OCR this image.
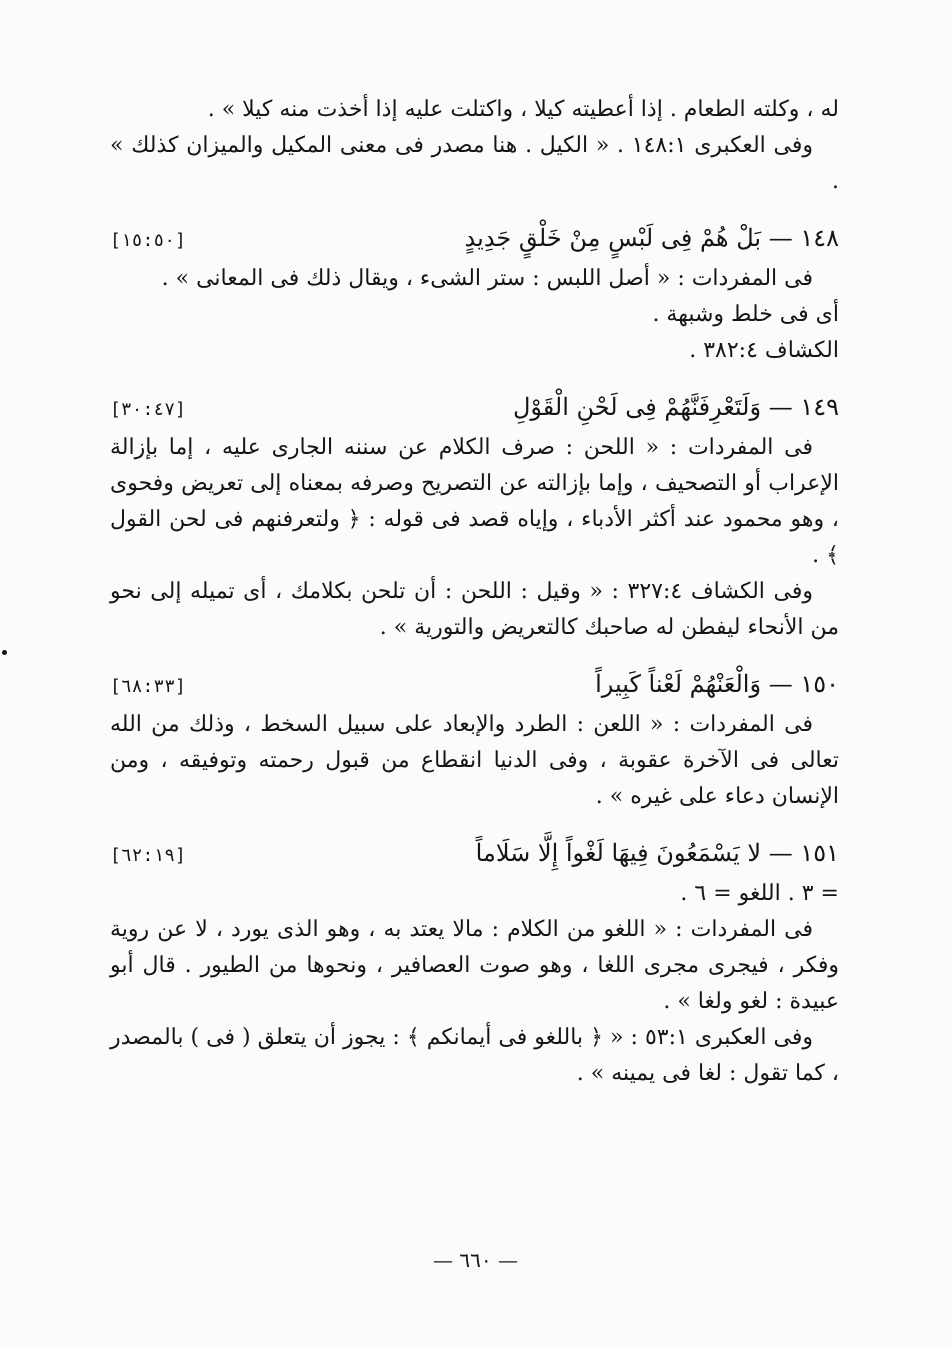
له ، وكلته الطعام . إذا أعطيته كيلا ، واكتلت عليه إذا أخذت منه كيلا » .

وفى العكبرى ١٤٨:١ . « الكيل . هنا مصدر فى معنى المكيل والميزان كذلك » .

١٤٨ — بَلْ هُمْ فِى لَبْسٍ مِنْ خَلْقٍ جَدِيدٍ
[١٥:٥٠]

فى المفردات : « أصل اللبس : ستر الشىء ، ويقال ذلك فى المعانى » .

أى فى خلط وشبهة .

الكشاف ٣٨٢:٤ .

١٤٩ — وَلَتَعْرِفَنَّهُمْ فِى لَحْنِ الْقَوْلِ
[٣٠:٤٧]

فى المفردات : « اللحن : صرف الكلام عن سننه الجارى عليه ، إما بإزالة الإعراب أو التصحيف ، وإما بإزالته عن التصريح وصرفه بمعناه إلى تعريض وفحوى ، وهو محمود عند أكثر الأدباء ، وإياه قصد فى قوله : ﴿ ولتعرفنهم فى لحن القول ﴾ .

وفى الكشاف ٣٢٧:٤ : « وقيل : اللحن : أن تلحن بكلامك ، أى تميله إلى نحو من الأنحاء ليفطن له صاحبك كالتعريض والتورية » .

١٥٠ — وَالْعَنْهُمْ لَعْناً كَبِيراً
[٦٨:٣٣]

فى المفردات : « اللعن : الطرد والإبعاد على سبيل السخط ، وذلك من الله تعالى فى الآخرة عقوبة ، وفى الدنيا انقطاع من قبول رحمته وتوفيقه ، ومن الإنسان دعاء على غيره » .

١٥١ — لا يَسْمَعُونَ فِيهَا لَغْواً إِلَّا سَلَاماً
[٦٢:١٩]

= ٣ . اللغو = ٦ .

فى المفردات : « اللغو من الكلام : مالا يعتد به ، وهو الذى يورد ، لا عن روية وفكر ، فيجرى مجرى اللغا ، وهو صوت العصافير ، ونحوها من الطيور . قال أبو عبيدة : لغو ولغا » .

وفى العكبرى ٥٣:١ : « ﴿ باللغو فى أيمانكم ﴾ : يجوز أن يتعلق ( فى ) بالمصدر ، كما تقول : لغا فى يمينه » .

— ٦٦٠ —
